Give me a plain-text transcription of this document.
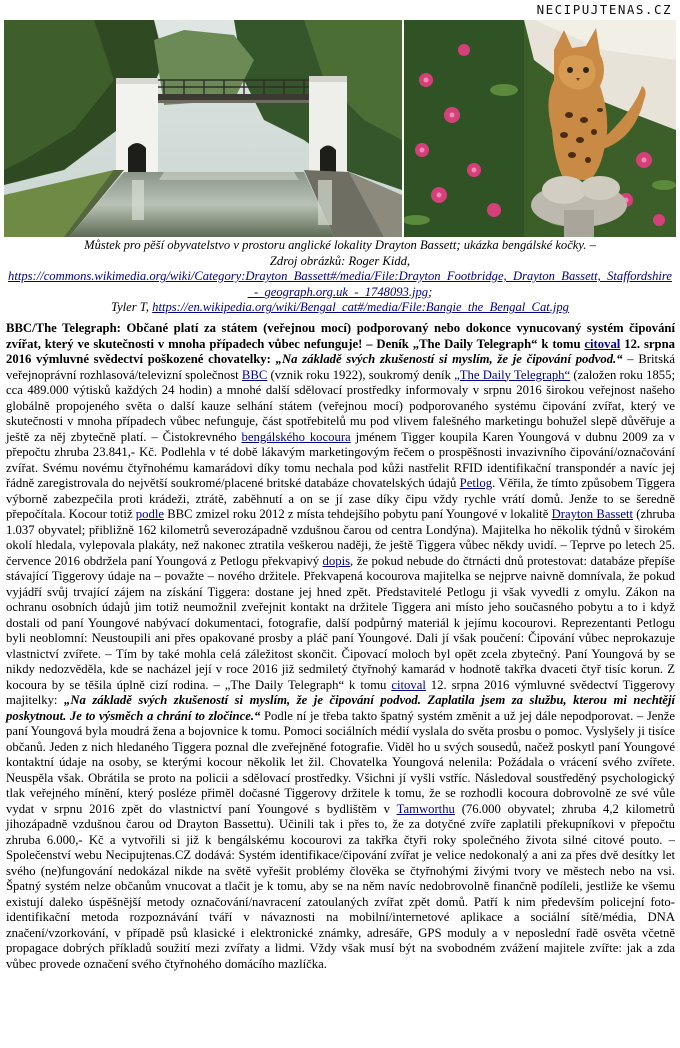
NECIPUJTENAS.CZ
Můstek pro pěší obyvatelstvo v prostoru anglické lokality Drayton Bassett; ukázka bengálské kočky. –
Zdroj obrázků: Roger Kidd,
https://commons.wikimedia.org/wiki/Category:Drayton_Bassett#/media/File:Drayton_Footbridge,_Drayton_Bassett,_Staffordshire_-_geograph.org.uk_-_1748093.jpg;
Tyler T, https://en.wikipedia.org/wiki/Bengal_cat#/media/File:Bangie_the_Bengal_Cat.jpg
BBC/The Telegraph: Občané platí za státem (veřejnou mocí) podporovaný nebo dokonce vynucovaný systém čipování zvířat, který ve skutečnosti v mnoha případech vůbec nefunguje! – Deník „The Daily Telegraph“ k tomu citoval 12. srpna 2016 výmluvné svědectví poškozené chovatelky: „Na základě svých zkušeností si myslím, že je čipování podvod.“ – Britská veřejnoprávní rozhlasová/televizní společnost BBC (vznik roku 1922), soukromý deník „The Daily Telegraph“ (založen roku 1855; cca 489.000 výtisků každých 24 hodin) a mnohé další sdělovací prostředky informovaly v srpnu 2016 širokou veřejnost našeho globálně propojeného světa o další kauze selhání státem (veřejnou mocí) podporovaného systému čipování zvířat, který ve skutečnosti v mnoha případech vůbec nefunguje, část spotřebitelů mu pod vlivem falešného marketingu bohužel slepě důvěřuje a ještě za něj zbytečně platí. – Čistokrevného bengálského kocoura jménem Tigger koupila Karen Youngová v dubnu 2009 za v přepočtu zhruba 23.841,- Kč. Podlehla v té době lákavým marketingovým řečem o prospěšnosti invazivního čipování/označování zvířat. Svému novému čtyřnohému kamarádovi díky tomu nechala pod kůži nastřelit RFID identifikační transpondér a navíc jej řádně zaregistrovala do největší soukromé/placené britské databáze chovatelských údajů Petlog. Věřila, že tímto způsobem Tiggera výborně zabezpečila proti krádeži, ztrátě, zaběhnutí a on se jí zase díky čipu vždy rychle vrátí domů. Jenže to se šeredně přepočítala. Kocour totiž podle BBC zmizel roku 2012 z místa tehdejšího pobytu paní Youngové v lokalitě Drayton Bassett (zhruba 1.037 obyvatel; přibližně 162 kilometrů severozápadně vzdušnou čarou od centra Londýna). Majitelka ho několik týdnů v širokém okolí hledala, vylepovala plakáty, než nakonec ztratila veškerou naději, že ještě Tiggera vůbec někdy uvidí. – Teprve po letech 25. července 2016 obdržela paní Youngová z Petlogu překvapivý dopis, že pokud nebude do čtrnácti dnů protestovat: databáze přepíše stávající Tiggerovy údaje na – považte – nového držitele. Překvapená kocourova majitelka se nejprve naivně domnívala, že pokud vyjádří svůj trvající zájem na získání Tiggera: dostane jej hned zpět. Představitelé Petlogu ji však vyvedli z omylu. Zákon na ochranu osobních údajů jim totiž neumožnil zveřejnit kontakt na držitele Tiggera ani místo jeho současného pobytu a to i když dostali od paní Youngové nabývací dokumentaci, fotografie, další podpůrný materiál k jejímu kocourovi. Reprezentanti Petlogu byli neoblomní: Neustoupili ani přes opakované prosby a pláč paní Youngové. Dali jí však poučení: Čipování vůbec neprokazuje vlastnictví zvířete. – Tím by také mohla celá záležitost skončit. Čipovací moloch byl opět zcela zbytečný. Paní Youngová by se nikdy nedozvěděla, kde se nacházel její v roce 2016 již sedmiletý čtyřnohý kamarád v hodnotě takřka dvaceti čtyř tisíc korun. Z kocoura by se těšila úplně cizí rodina. – „The Daily Telegraph“ k tomu citoval 12. srpna 2016 výmluvné svědectví Tiggerovy majitelky: „Na základě svých zkušeností si myslím, že je čipování podvod. Zaplatila jsem za službu, kterou mi nechtějí poskytnout. Je to výsměch a chrání to zločince.“ Podle ní je třeba takto špatný systém změnit a už jej dále nepodporovat. – Jenže paní Youngová byla moudrá žena a bojovnice k tomu. Pomoci sociálních médií vyslala do světa prosbu o pomoc. Vyslyšely ji tisíce občanů. Jeden z nich hledaného Tiggera poznal dle zveřejněné fotografie. Viděl ho u svých sousedů, načež poskytl paní Youngové kontaktní údaje na osoby, se kterými kocour několik let žil. Chovatelka Youngová nelenila: Požádala o vrácení svého zvířete. Neuspěla však. Obrátila se proto na policii a sdělovací prostředky. Všichni jí vyšli vstříc. Následoval soustředěný psychologický tlak veřejného mínění, který posléze přiměl dočasné Tiggerovy držitele k tomu, že se rozhodli kocoura dobrovolně ze své vůle vydat v srpnu 2016 zpět do vlastnictví paní Youngové s bydlištěm v Tamworthu (76.000 obyvatel; zhruba 4,2 kilometrů jihozápadně vzdušnou čarou od Drayton Bassettu). Učinili tak i přes to, že za dotyčné zvíře zaplatili překupníkovi v přepočtu zhruba 6.000,- Kč a vytvořili si již k bengálskému kocourovi za takřka čtyři roky společného života silné citové pouto. – Společenství webu Necipujtenas.CZ dodává: Systém identifikace/čipování zvířat je velice nedokonalý a ani za přes dvě desítky let svého (ne)fungování nedokázal nikde na světě vyřešit problémy člověka se čtyřnohými živými tvory ve městech nebo na vsi. Špatný systém nelze občanům vnucovat a tlačit je k tomu, aby se na něm navíc nedobrovolně finančně podíleli, jestliže ke všemu existují daleko úspěšnější metody označování/navracení zatoulaných zvířat zpět domů. Patří k nim především policejní foto-identifikační metoda rozpoznávání tváří v návaznosti na mobilní/internetové aplikace a sociální sítě/média, DNA značení/vzorkování, v případě psů klasické i elektronické známky, adresáře, GPS moduly a v neposlední řadě osvěta včetně propagace dobrých příkladů soužití mezi zvířaty a lidmi. Vždy však musí být na svobodném zvážení majitele zvířte: jak a zda vůbec provede označení svého čtyřnohého domácího mazlíčka.
